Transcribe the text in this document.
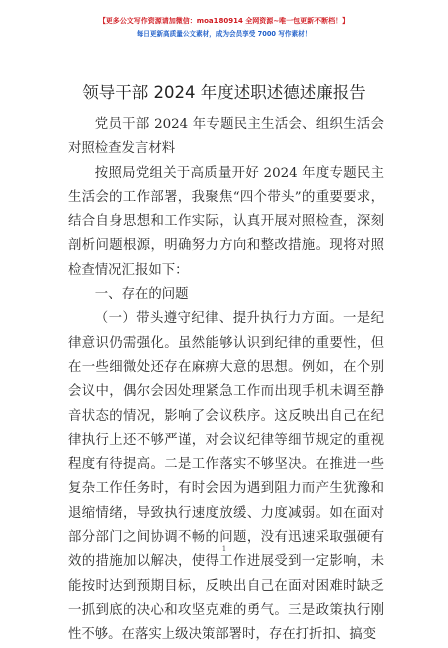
【更多公文写作资源请加微信：moa180914 全网资源~唯一包更新不断档！】
每日更新高质量公文素材，成为会员享受 7000 写作素材！
领导干部 2024 年度述职述德述廉报告

党员干部 2024 年专题民主生活会、组织生活会对照检查发言材料

按照局党组关于高质量开好 2024 年度专题民主生活会的工作部署，我聚焦“四个带头”的重要要求，结合自身思想和工作实际，认真开展对照检查，深刻剖析问题根源，明确努力方向和整改措施。现将对照检查情况汇报如下：

一、存在的问题

（一）带头遵守纪律、提升执行力方面。一是纪律意识仍需强化。虽然能够认识到纪律的重要性，但在一些细微处还存在麻痹大意的思想。例如，在个别会议中，偶尔会因处理紧急工作而出现手机未调至静音状态的情况，影响了会议秩序。这反映出自己在纪律执行上还不够严谨，对会议纪律等细节规定的重视程度有待提高。二是工作落实不够坚决。在推进一些复杂工作任务时，有时会因为遇到阻力而产生犹豫和退缩情绪，导致执行速度放缓、力度减弱。如在面对部分部门之间协调不畅的问题，没有迅速采取强硬有效的措施加以解决，使得工作进展受到一定影响，未能按时达到预期目标，反映出自己在面对困难时缺乏一抓到底的决心和攻坚克难的勇气。三是政策执行刚性不够。在落实上级决策部署时，存在打折扣、搞变

1
